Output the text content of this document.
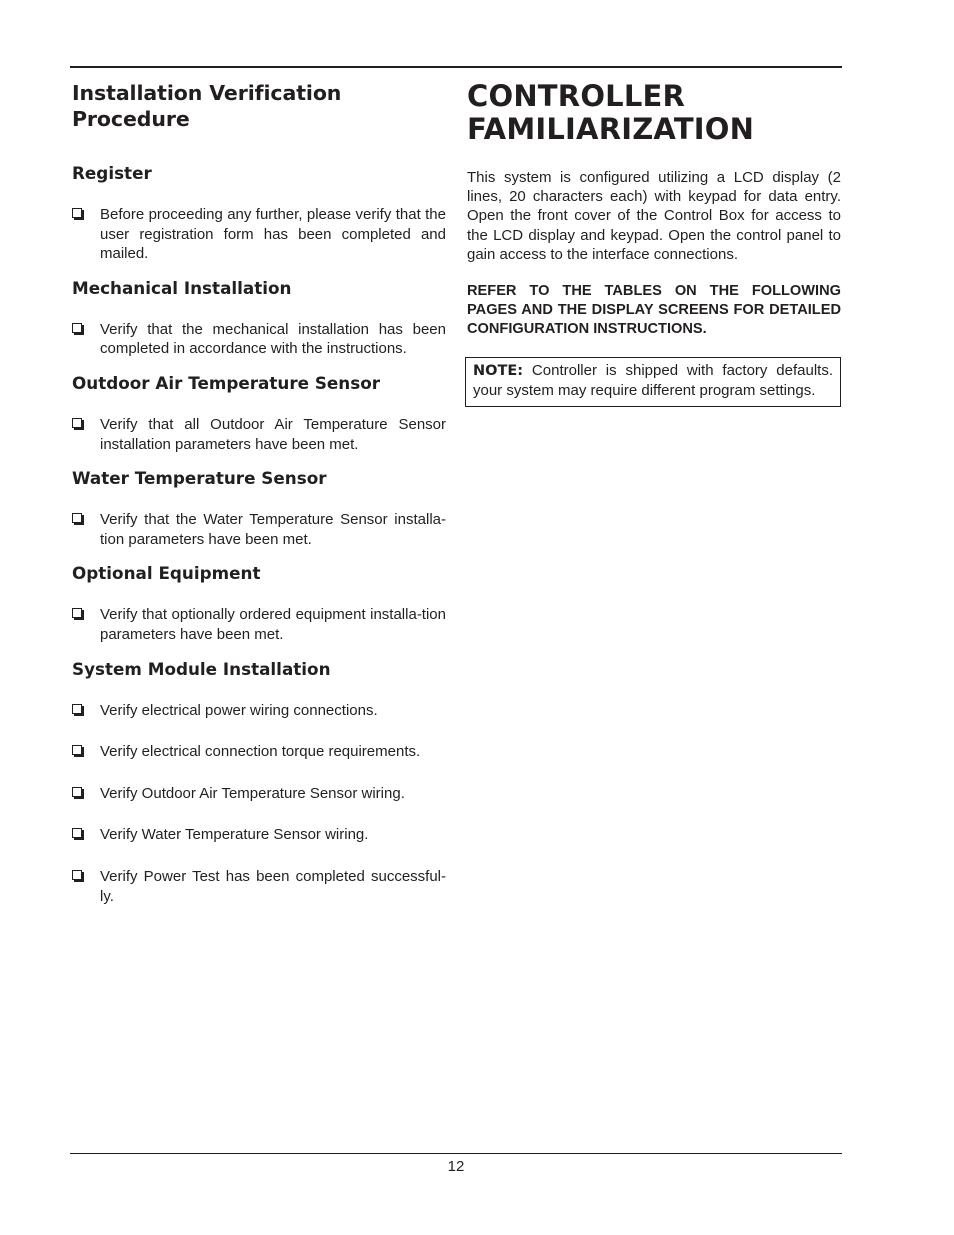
Installation Verification Procedure
Register
Before proceeding any further, please verify that the user registration form has been completed and mailed.
Mechanical Installation
Verify that the mechanical installation has been completed in accordance with the instructions.
Outdoor Air Temperature Sensor
Verify that all Outdoor Air Temperature Sensor installation parameters have been met.
Water Temperature Sensor
Verify that the Water Temperature Sensor installa-tion parameters have been met.
Optional Equipment
Verify that optionally ordered equipment installa-tion parameters have been met.
System Module Installation
Verify electrical power wiring connections.
Verify electrical connection torque requirements.
Verify Outdoor Air Temperature Sensor wiring.
Verify Water Temperature Sensor wiring.
Verify Power Test has been completed successful-ly.
CONTROLLER FAMILIARIZATION

This system is configured utilizing a LCD display (2 lines, 20 characters each) with keypad for data entry. Open the front cover of the Control Box for access to the LCD display and keypad. Open the control panel to gain access to the interface connections.

REFER TO THE TABLES ON THE FOLLOWING PAGES AND THE DISPLAY SCREENS FOR DETAILED CONFIGURATION INSTRUCTIONS.

NOTE: Controller is shipped with factory defaults. your system may require different program settings.
12
